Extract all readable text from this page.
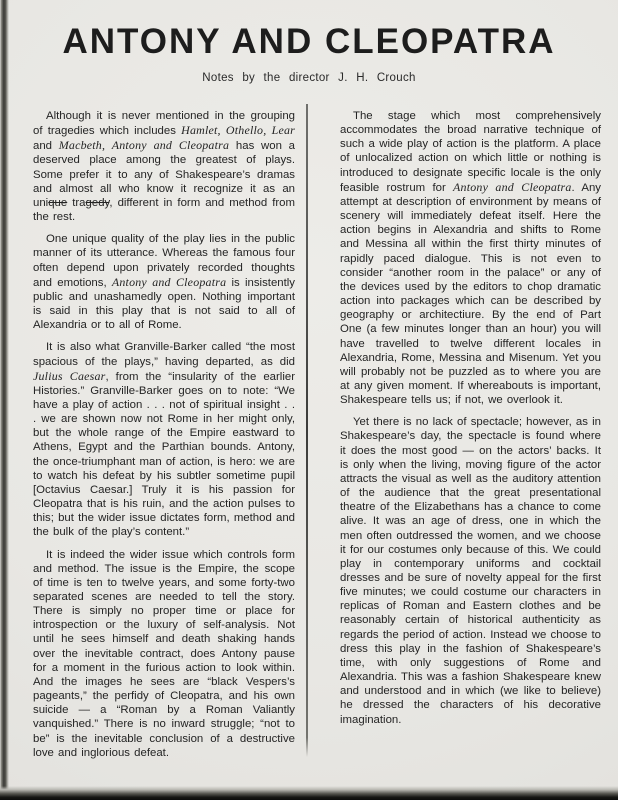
ANTONY AND CLEOPATRA
Notes by the director J. H. Crouch

Although it is never mentioned in the grouping of tragedies which includes Hamlet, Othello, Lear and Macbeth, Antony and Cleopatra has won a deserved place among the greatest of plays. Some prefer it to any of Shakespeare’s dramas and almost all who know it recognize it as an unique tragedy, different in form and method from the rest.

One unique quality of the play lies in the public manner of its utterance. Whereas the famous four often depend upon privately recorded thoughts and emotions, Antony and Cleopatra is insistently public and unashamedly open. Nothing important is said in this play that is not said to all of Alexandria or to all of Rome.

It is also what Granville-Barker called “the most spacious of the plays,” having departed, as did Julius Caesar, from the “insularity of the earlier Histories.” Granville-Barker goes on to note: “We have a play of action . . . not of spiritual insight . . . we are shown now not Rome in her might only, but the whole range of the Empire eastward to Athens, Egypt and the Parthian bounds. Antony, the once-triumphant man of action, is hero: we are to watch his defeat by his subtler sometime pupil [Octavius Caesar.] Truly it is his passion for Cleopatra that is his ruin, and the action pulses to this; but the wider issue dictates form, method and the bulk of the play’s content.”

It is indeed the wider issue which controls form and method. The issue is the Empire, the scope of time is ten to twelve years, and some forty-two separated scenes are needed to tell the story. There is simply no proper time or place for introspection or the luxury of self-analysis. Not until he sees himself and death shaking hands over the inevitable contract, does Antony pause for a moment in the furious action to look within. And the images he sees are “black Vespers’s pageants,” the perfidy of Cleopatra, and his own suicide — a “Roman by a Roman Valiantly vanquished.” There is no inward struggle; “not to be” is the inevitable conclusion of a destructive love and inglorious defeat.

The stage which most comprehensively accommodates the broad narrative technique of such a wide play of action is the platform. A place of unlocalized action on which little or nothing is introduced to designate specific locale is the only feasible rostrum for Antony and Cleopatra. Any attempt at description of environment by means of scenery will immediately defeat itself. Here the action begins in Alexandria and shifts to Rome and Messina all within the first thirty minutes of rapidly paced dialogue. This is not even to consider “another room in the palace” or any of the devices used by the editors to chop dramatic action into packages which can be described by geography or architectiure. By the end of Part One (a few minutes longer than an hour) you will have travelled to twelve different locales in Alexandria, Rome, Messina and Misenum. Yet you will probably not be puzzled as to where you are at any given moment. If whereabouts is important, Shakespeare tells us; if not, we overlook it.

Yet there is no lack of spectacle; however, as in Shakespeare’s day, the spectacle is found where it does the most good — on the actors’ backs. It is only when the living, moving figure of the actor attracts the visual as well as the auditory attention of the audience that the great presentational theatre of the Elizabethans has a chance to come alive. It was an age of dress, one in which the men often outdressed the women, and we choose it for our costumes only because of this. We could play in contemporary uniforms and cocktail dresses and be sure of novelty appeal for the first five minutes; we could costume our characters in replicas of Roman and Eastern clothes and be reasonably certain of historical authenticity as regards the period of action. Instead we choose to dress this play in the fashion of Shakespeare’s time, with only suggestions of Rome and Alexandria. This was a fashion Shakespeare knew and understood and in which (we like to believe) he dressed the characters of his decorative imagination.
